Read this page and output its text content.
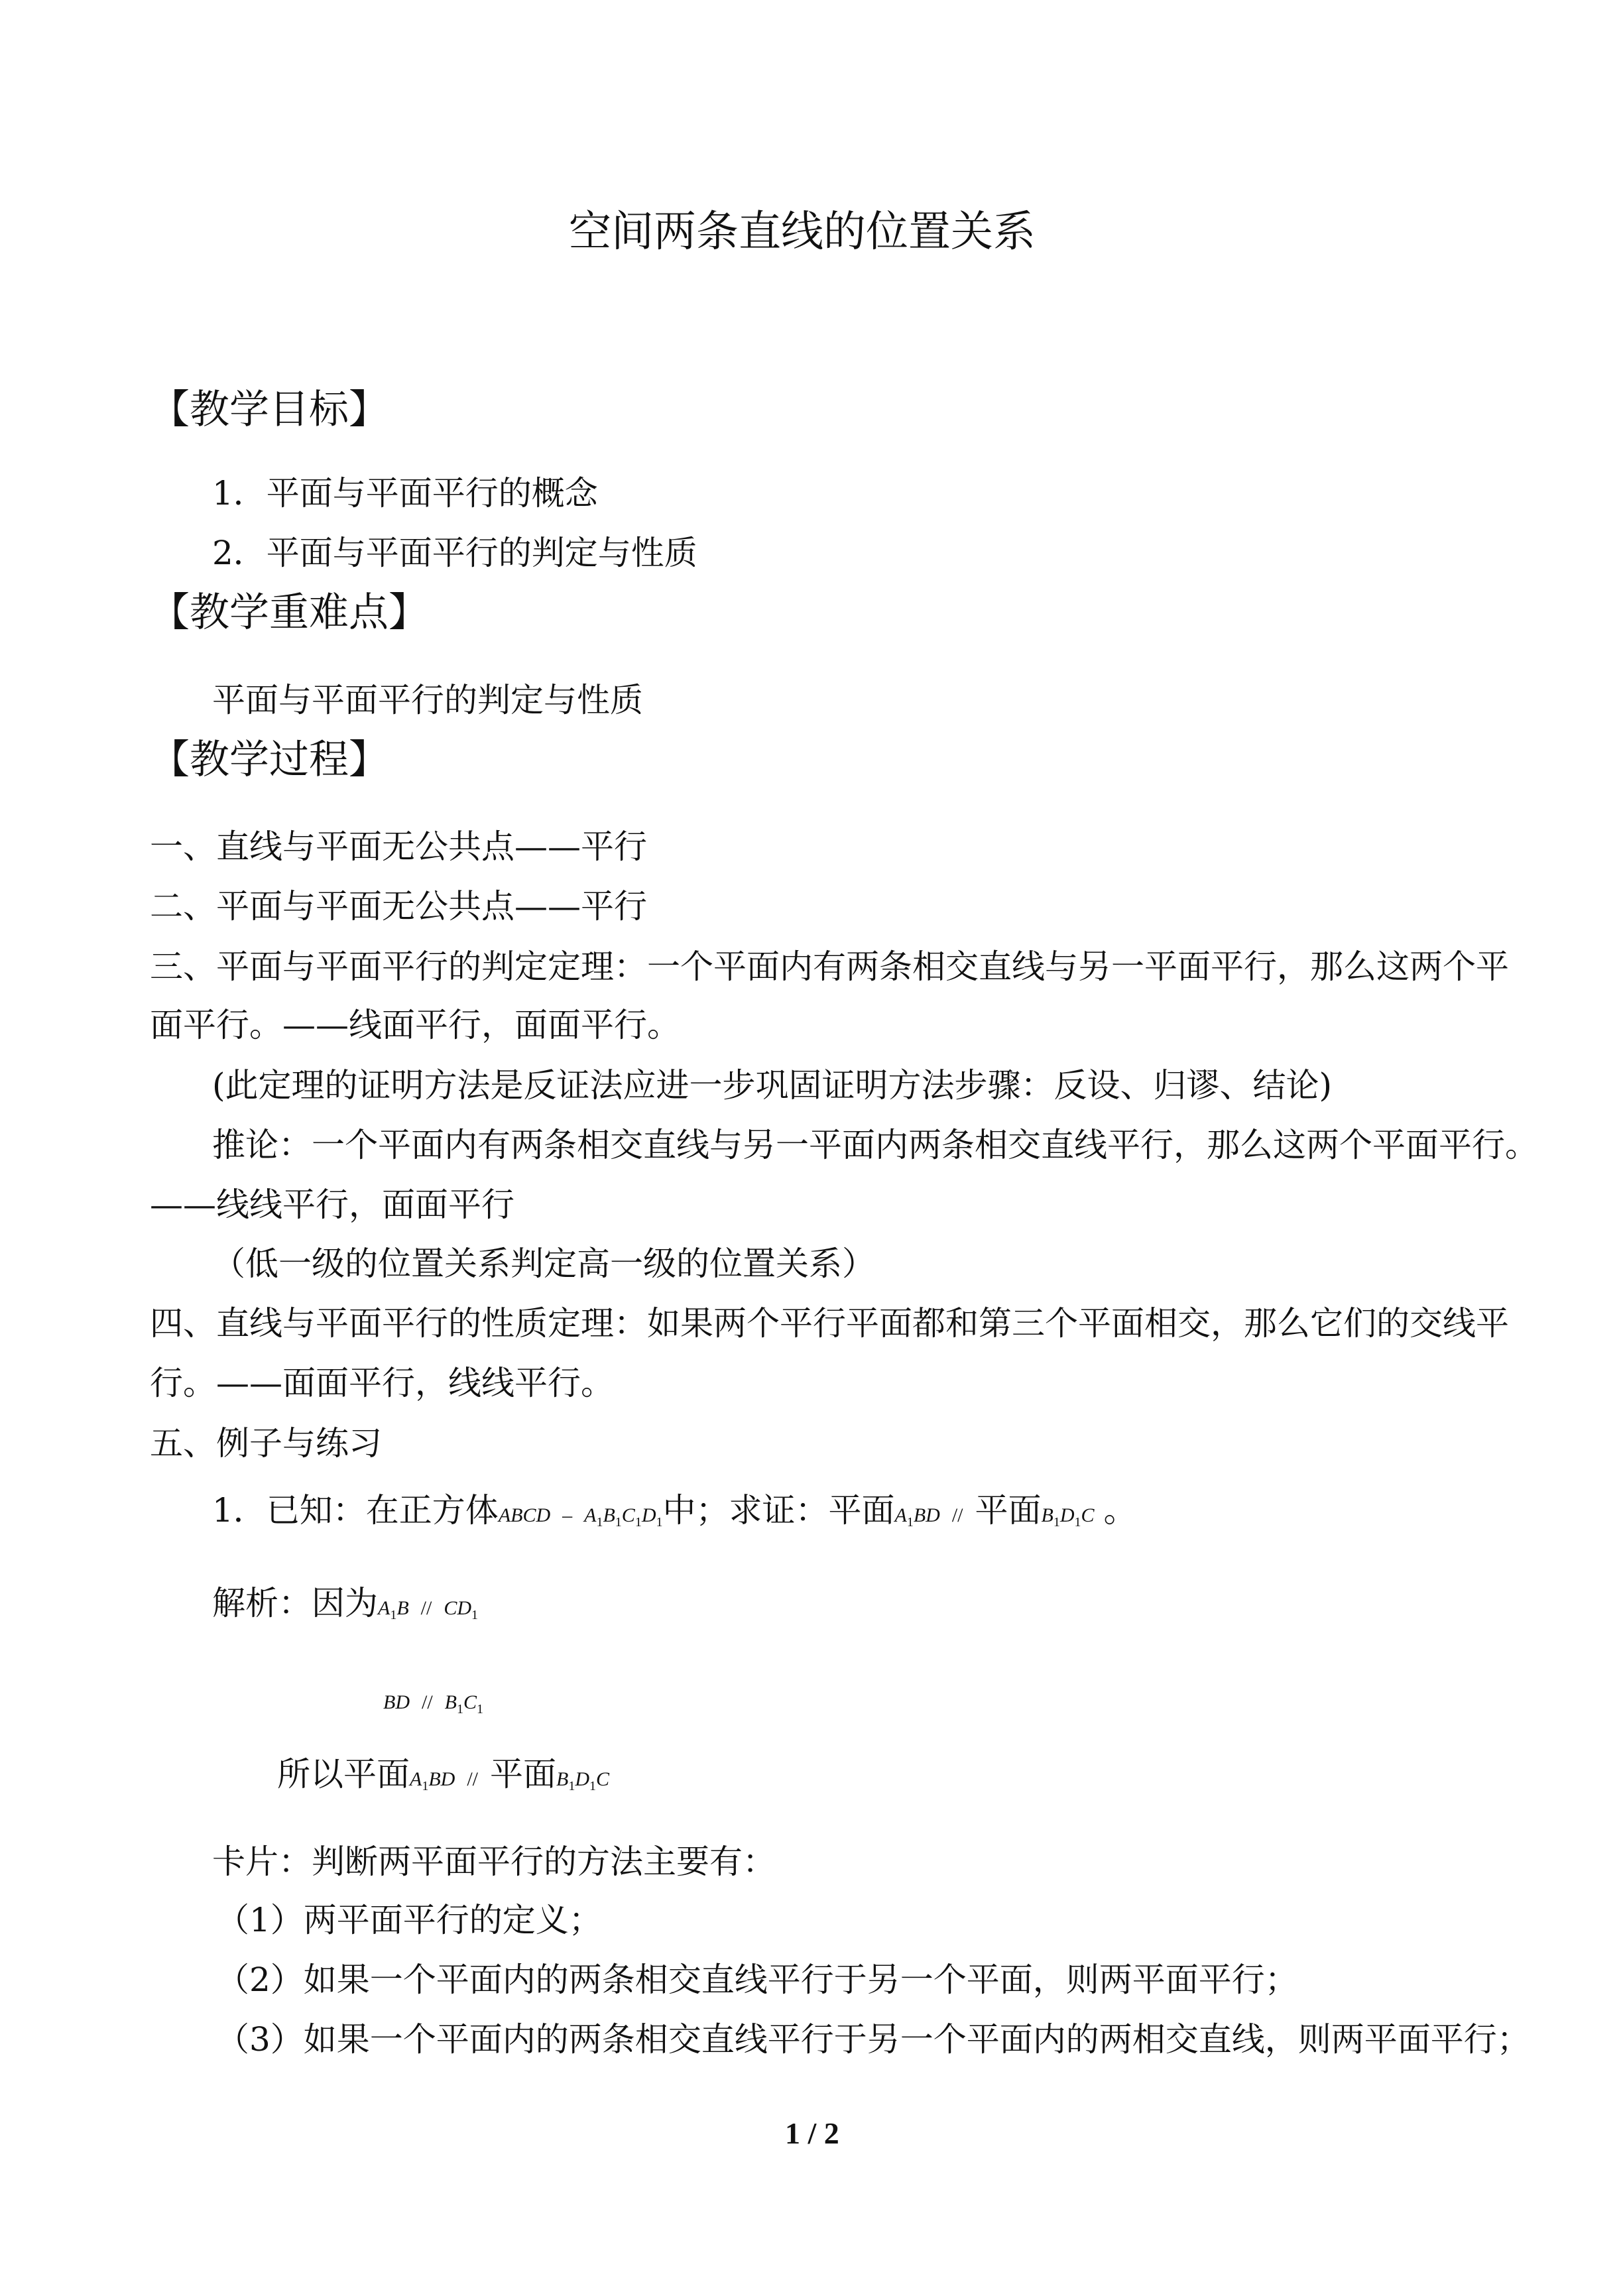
空间两条直线的位置关系
【教学目标】
1．平面与平面平行的概念
2．平面与平面平行的判定与性质
【教学重难点】
平面与平面平行的判定与性质
【教学过程】
一、直线与平面无公共点——平行
二、平面与平面无公共点——平行
三、平面与平面平行的判定定理：一个平面内有两条相交直线与另一平面平行，那么这两个平
面平行。——线面平行，面面平行。
(此定理的证明方法是反证法应进一步巩固证明方法步骤：反设、归谬、结论)
推论：一个平面内有两条相交直线与另一平面内两条相交直线平行，那么这两个平面平行。
——线线平行，面面平行
（低一级的位置关系判定高一级的位置关系）
四、直线与平面平行的性质定理：如果两个平行平面都和第三个平面相交，那么它们的交线平
行。——面面平行，线线平行。
五、例子与练习
1．已知：在正方体ABCD – $A_1B_1C_1D_1$中；求证：平面$A_1BD$ // 平面$B_1D_1C$ 。
解析：因为$A_1B // CD_1$
BD // $B_1C_1$
所以平面$A_1BD$ // 平面$B_1D_1C$
卡片：判断两平面平行的方法主要有：
（1）两平面平行的定义；
（2）如果一个平面内的两条相交直线平行于另一个平面，则两平面平行；
（3）如果一个平面内的两条相交直线平行于另一个平面内的两相交直线，则两平面平行；
1 / 2
